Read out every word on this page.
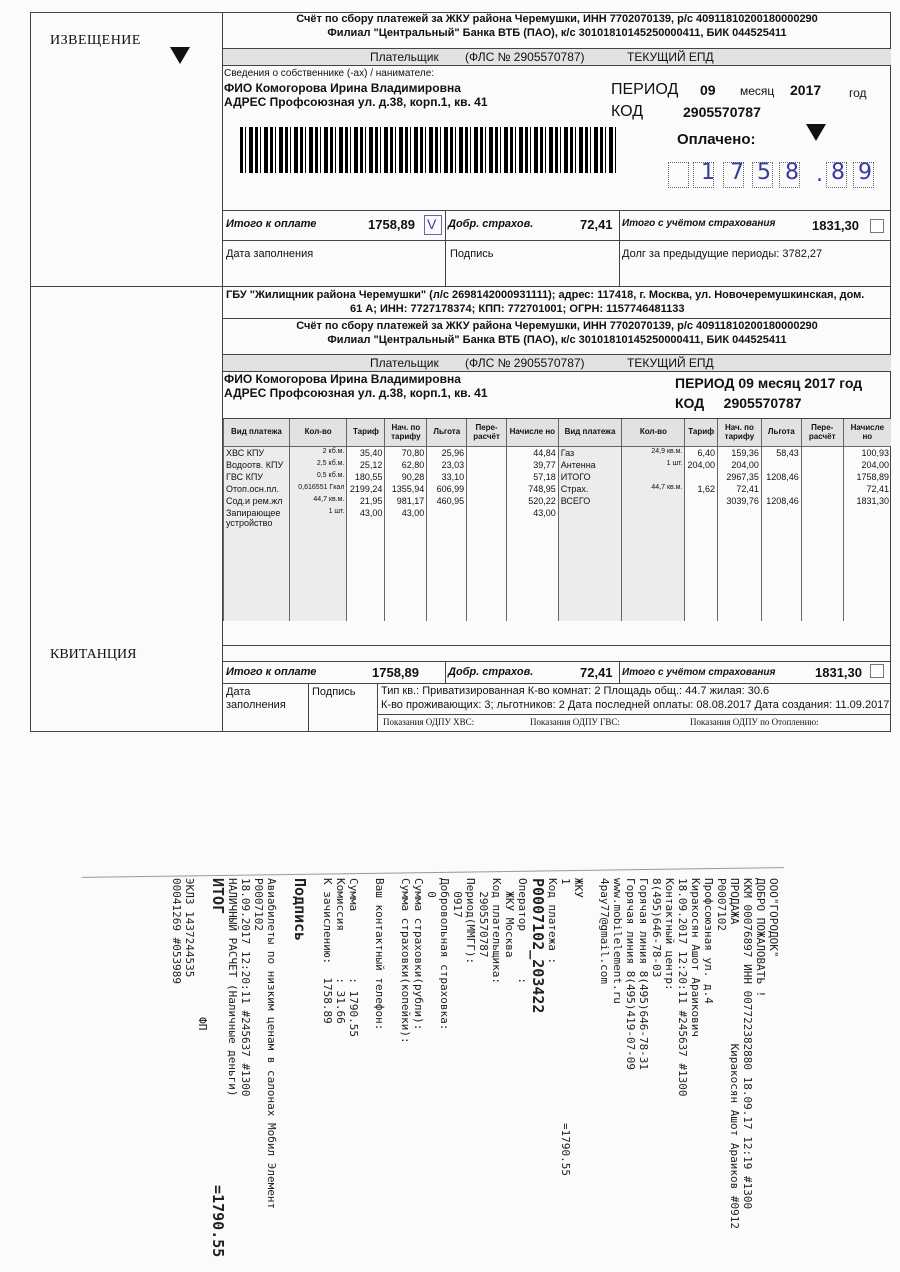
ИЗВЕЩЕНИЕ
Счёт по сбору платежей за ЖКУ района Черемушки, ИНН 7702070139, р/с 40911810200180000290
Филиал "Центральный" Банка ВТБ (ПАО), к/с 30101810145250000411, БИК 044525411
Плательщик (ФЛС № 2905570787)	ТЕКУЩИЙ ЕПД
Сведения о собственнике (-ах) / нанимателе:
ФИО Комогорова Ирина Владимировна
АДРЕС Профсоюзная ул. д.38, корп.1, кв. 41
ПЕРИОД 09 месяц 2017 год
КОД	2905570787
Оплачено:
1 7 5 8 . 8 9
Итого к оплате	1758,89 V Добр. страхов.	72,41 Итого с учётом страхования	1831,30
Дата заполнения	Подпись	Долг за предыдущие периоды: 3782,27
ГБУ "Жилищник района Черемушки" (л/с 2698142000931111); адрес: 117418, г. Москва, ул. Новочеремушкинская, дом.
61 А; ИНН: 7727178374; КПП: 772701001; ОГРН: 1157746481133
Счёт по сбору платежей за ЖКУ района Черемушки, ИНН 7702070139, р/с 40911810200180000290
Филиал "Центральный" Банка ВТБ (ПАО), к/с 30101810145250000411, БИК 044525411
Плательщик (ФЛС № 2905570787)	ТЕКУЩИЙ ЕПД
ФИО Комогорова Ирина Владимировна
АДРЕС Профсоюзная ул. д.38, корп.1, кв. 41
ПЕРИОД 09 месяц 2017 год
КОД     2905570787
Вид платежа	Кол-во	Тариф	Нач. по тарифу	Льгота	Пере-расчёт	Начисле но	Вид платежа	Кол-во	Тариф	Нач. по тарифу	Льгота	Пере-расчёт	Начисле но
ХВС КПУ	2 кб.м.	35,40	70,80	25,96		44,84	Газ	24,9 кв.м.	6,40	159,36	58,43		100,93
Водоотв. КПУ	2,5 кб.м.	25,12	62,80	23,03		39,77	Антенна	1 шт.	204,00	204,00			204,00
ГВС КПУ	0,5 кб.м.	180,55	90,28	33,10		57,18	ИТОГО			2967,35	1208,46		1758,89
Отоп.осн.пл.	0,616551 Гкал	2199,24	1355,94	606,99		748,95	Страх.	44,7 кв.м.	1,62	72,41			72,41
Сод.и рем.жл	44,7 кв.м.	21,95	981,17	460,95		520,22	ВСЕГО			3039,76	1208,46		1831,30
Запирающее устройство	1 шт.	43,00	43,00			43,00							

КВИТАНЦИЯ
Итого к оплате	1758,89	Добр. страхов.	72,41 Итого с учётом страхования	1831,30
Дата заполнения
Подпись Тип кв.: Приватизированная К-во комнат: 2 Площадь общ.: 44.7 жилая: 30.6
К-во проживающих: 3; льготников: 2 Дата последней оплаты: 08.08.2017 Дата создания: 11.09.2017
Показания ОДПУ ХВС:	Показания ОДПУ ГВС:	Показания ОДПУ по Отоплению:
ООО"ГОРОДОК"
ДОБРО ПОЖАЛОВАТЬ !
ККМ 00076897 ИНН 007722382880 18.09.17 12:19 #1300
ПРОДАЖА                  Киракосян Ашот Араиков #0912
P0007102
Профсоюзная ул. д.4
Киракосян Ашот Араикович
18.09.2017 12:20:11 #245637 #1300
Контактный центр:
8(495)646-78-03
Горячая линия 8(495)646-78-31
Горячая линия 8(495)419-07-09
www.mobilelement.ru
4pay77@gmail.com

ЖКУ
1                                    =1790.55
Код платежа :
P0007102_203422
Оператор       :
ЖКУ Москва
Код плательщика:
2905570787
Период(ММГГ):
0917
Добровольная страховка:
0
Сумма страховки(рубли):
Сумма страховки(копейки):

Ваш контактный телефон:

Сумма          : 1790.55
Комиссия       : 31.66
К зачислению:  1758.89

Подпись

Авиабилеты по низким ценам в салонах Мобил Элемент
P0007102
18.09.2017 12:20:11 #245637 #1300
НАЛИЧНЫЙ РАСЧЕТ (Наличные деньги)
ИТОГ                              =1790.55
ФП
ЭКЛЗ 1437244535
00041269 #053989
